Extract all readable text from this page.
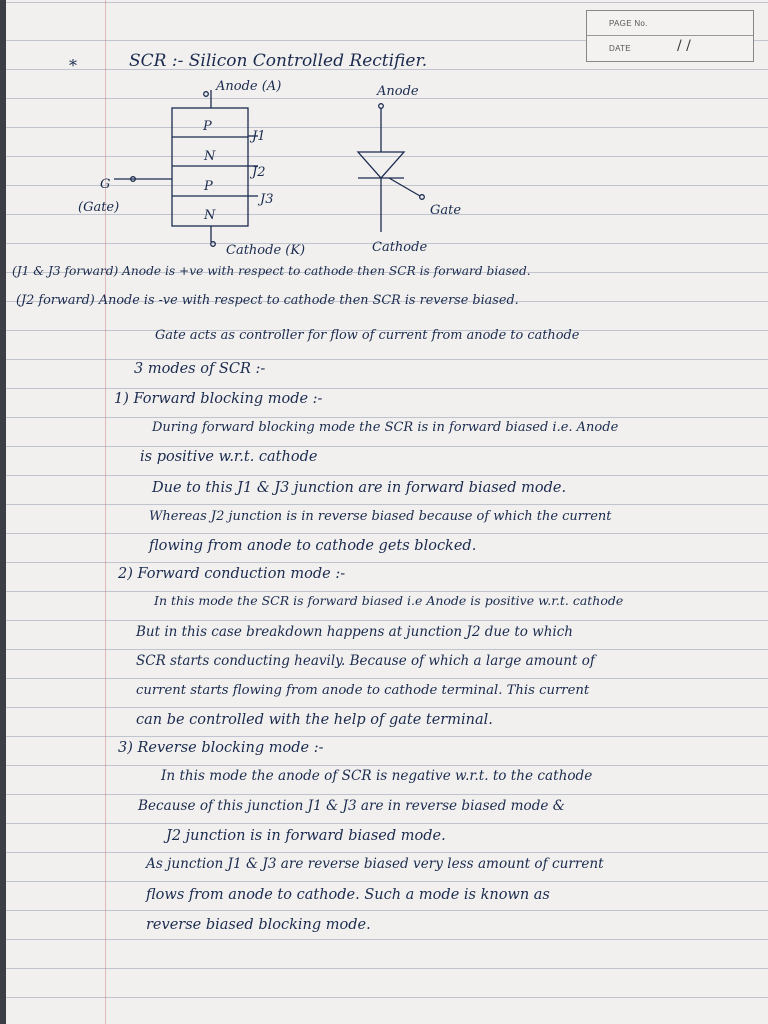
PAGE No.
DATE	/ /
*	SCR :- Silicon Controlled Rectifier.
Anode (A)	Anode
P
N
P
N
J1
J2
J3
G
(Gate)
Cathode (K)	Cathode
Gate
(J1 & J3 forward) Anode is +ve with respect to cathode then SCR is forward biased.
(J2 forward) Anode is -ve with respect to cathode then SCR is reverse biased.
Gate acts as controller for flow of current from anode to cathode
3 modes of SCR :-
1) Forward blocking mode :-
During forward blocking mode the SCR is in forward biased i.e. Anode
is positive w.r.t. cathode
Due to this J1 & J3 junction are in forward biased mode.
Whereas J2 junction is in reverse biased because of which the current
flowing from anode to cathode gets blocked.
2) Forward conduction mode :-
In this mode the SCR is forward biased i.e Anode is positive w.r.t. cathode
But in this case breakdown happens at junction J2 due to which
SCR starts conducting heavily. Because of which a large amount of
current starts flowing from anode to cathode terminal. This current
can be controlled with the help of gate terminal.
3) Reverse blocking mode :-
In this mode the anode of SCR is negative w.r.t. to the cathode
Because of this junction J1 & J3 are in reverse biased mode &
J2 junction is in forward biased mode.
As junction J1 & J3 are reverse biased very less amount of current
flows from anode to cathode. Such a mode is known as
reverse biased blocking mode.
